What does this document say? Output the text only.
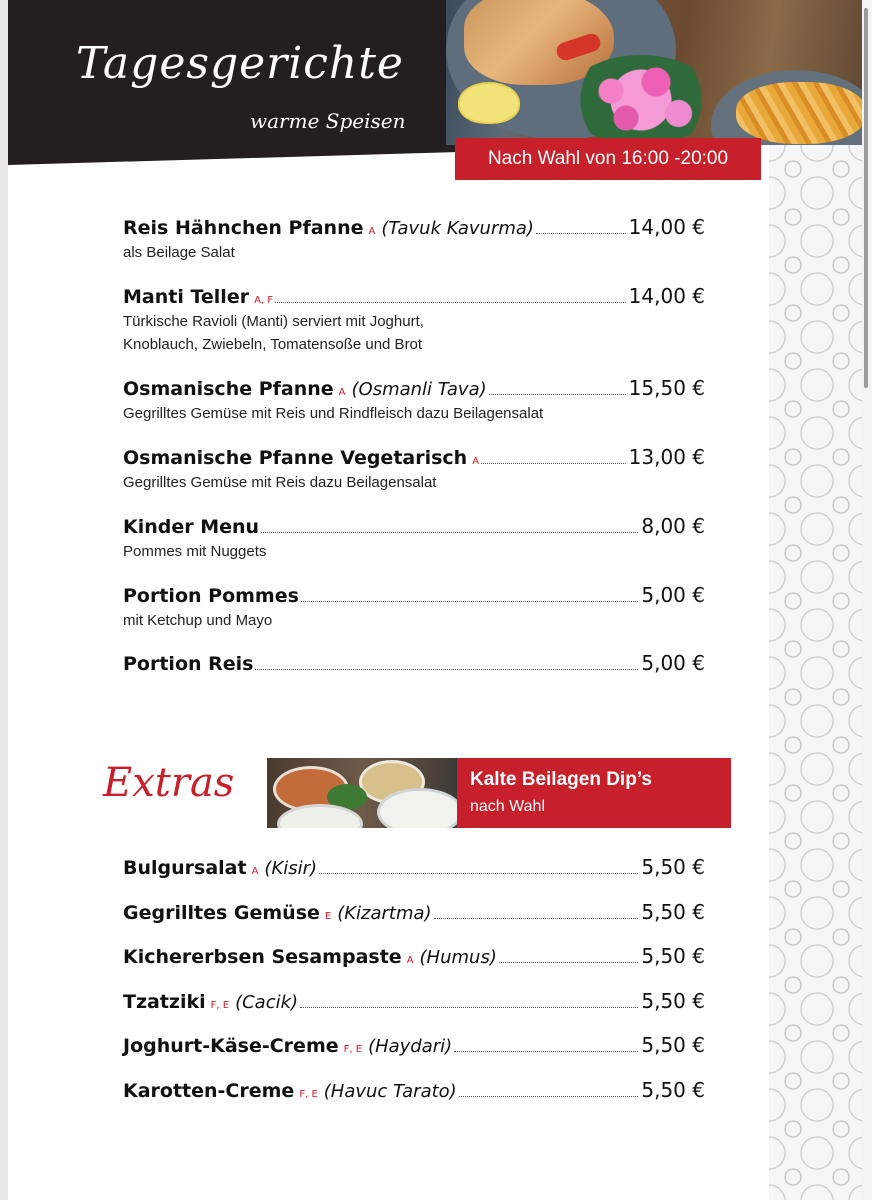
Tagesgerichte
warme Speisen
Nach Wahl von 16:00 -20:00
Reis Hähnchen Pfanne A (Tavuk Kavurma)	14,00 €
als Beilage Salat
Manti Teller A, F	14,00 €
Türkische Ravioli (Manti) serviert mit Joghurt,
Knoblauch, Zwiebeln, Tomatensoße und Brot
Osmanische Pfanne A (Osmanli Tava)	15,50 €
Gegrilltes Gemüse mit Reis und Rindfleisch dazu Beilagensalat
Osmanische Pfanne Vegetarisch A	13,00 €
Gegrilltes Gemüse mit Reis dazu Beilagensalat
Kinder Menu	8,00 €
Pommes mit Nuggets
Portion Pommes	5,00 €
mit Ketchup und Mayo
Portion Reis	5,00 €
Extras	Kalte Beilagen Dip’s
nach Wahl
Bulgursalat A (Kisir)	5,50 €
Gegrilltes Gemüse E (Kizartma)	5,50 €
Kichererbsen Sesampaste A (Humus)	5,50 €
Tzatziki F, E (Cacik)	5,50 €
Joghurt-Käse-Creme F, E (Haydari)	5,50 €
Karotten-Creme F, E (Havuc Tarato)	5,50 €
